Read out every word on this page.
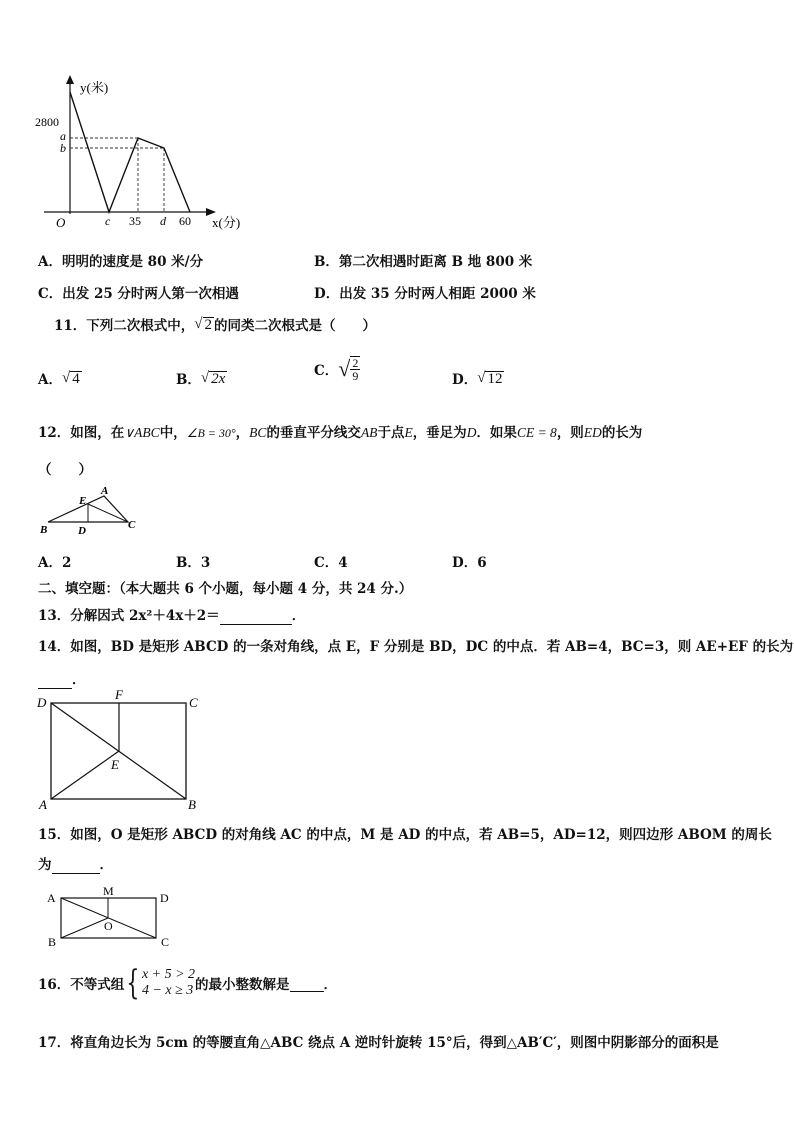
y(米)
x(分)
O
2800
a
b
c 35 d 60
A．明明的速度是 80 米/分	B．第二次相遇时距离 B 地 800 米
C．出发 25 分时两人第一次相遇	D．出发 35 分时两人相距 2000 米
11．下列二次根式中， √ 2 的同类二次根式是（　　）
A． √ 4	B． √ 2x	C． √ $\frac{2}{9}$	D． √ 12
12．如图，在∨ABC中，∠B = 30°，BC的垂直平分线交AB于点E，垂足为D．如果CE = 8，则ED的长为
（　　）
A
E
B	D	C
A．2	B．3	C．4	D．6
二、填空题：（本大题共 6 个小题，每小题 4 分，共 24 分.）
13．分解因式 2x²＋4x＋2＝	．
14．如图，BD 是矩形 ABCD 的一条对角线，点 E，F 分别是 BD，DC 的中点．若 AB=4，BC=3，则 AE+EF 的长为
．
D
F
C
E
A	B
15．如图，O 是矩形 ABCD 的对角线 AC 的中点，M 是 AD 的中点，若 AB=5，AD=12，则四边形 ABOM 的周长
为	．
A	M	D
O
B	C
16．不等式组 { x + 5 > 2
4 − x ≥ 3 的最小整数解是
	．
17．将直角边长为 5cm 的等腰直角△ABC 绕点 A 逆时针旋转 15°后，得到△AB′C′，则图中阴影部分的面积是
